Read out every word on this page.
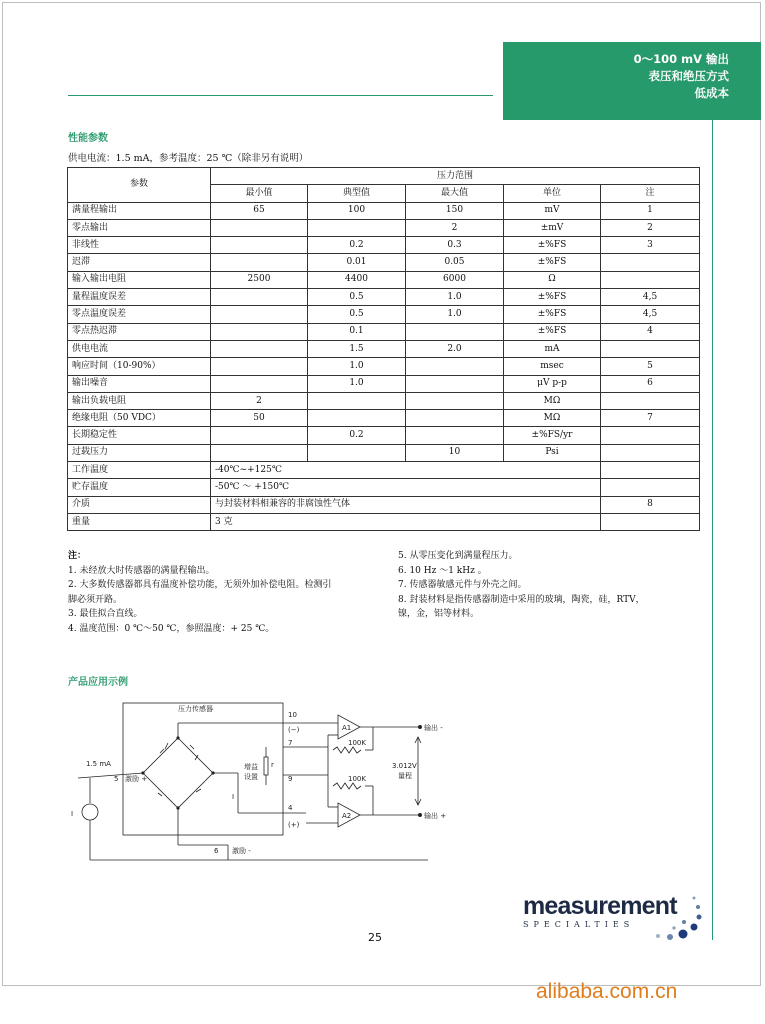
0～100 mV 输出
表压和绝压方式
低成本
性能参数
供电电流：1.5 mA，参考温度：25 ℃（除非另有说明）
参数	压力范围				
	最小值	典型值	最大值	单位	注
满量程输出	65	100	150	mV	1
零点输出			2	±mV	2
非线性		0.2	0.3	±%FS	3
迟滞		0.01	0.05	±%FS	
输入输出电阻	2500	4400	6000	Ω	
量程温度误差		0.5	1.0	±%FS	4,5
零点温度误差		0.5	1.0	±%FS	4,5
零点热迟滞		0.1		±%FS	4
供电电流		1.5	2.0	mA	
响应时间（10-90%）		1.0		msec	5
输出噪音		1.0		μV p-p	6
输出负载电阻	2			MΩ	
绝缘电阻（50 VDC）	50			MΩ	7
长期稳定性		0.2		±%FS/yr	
过载压力			10	Psi	
工作温度	-40℃~+125℃				
贮存温度	-50℃ ～ +150℃				
介质	与封装材料相兼容的非腐蚀性气体				8
重量	3 克				
注：
1. 未经放大时传感器的满量程输出。
2. 大多数传感器都具有温度补偿功能，无须外加补偿电阻。检测引
脚必须开路。
3. 最佳拟合直线。
4. 温度范围：0 ℃～50 ℃，参照温度：+ 25 ℃。
5. 从零压变化到满量程压力。
6. 10 Hz ～1 kHz 。
7. 传感器敏感元件与外壳之间。
8. 封装材料是指传感器制造中采用的玻璃，陶瓷，硅，RTV，
镍，金，铝等材料。
产品应用示例
压力传感器
1.5 mA
5 激励 +
6 激励 -
I
I
增益
设置
r
10
(−)
7
9
4
(+)
A1
A2
100K
100K
输出 -
输出 +
3.012V
量程
25
measurement
SPECIALTIES
alibaba.com.cn
